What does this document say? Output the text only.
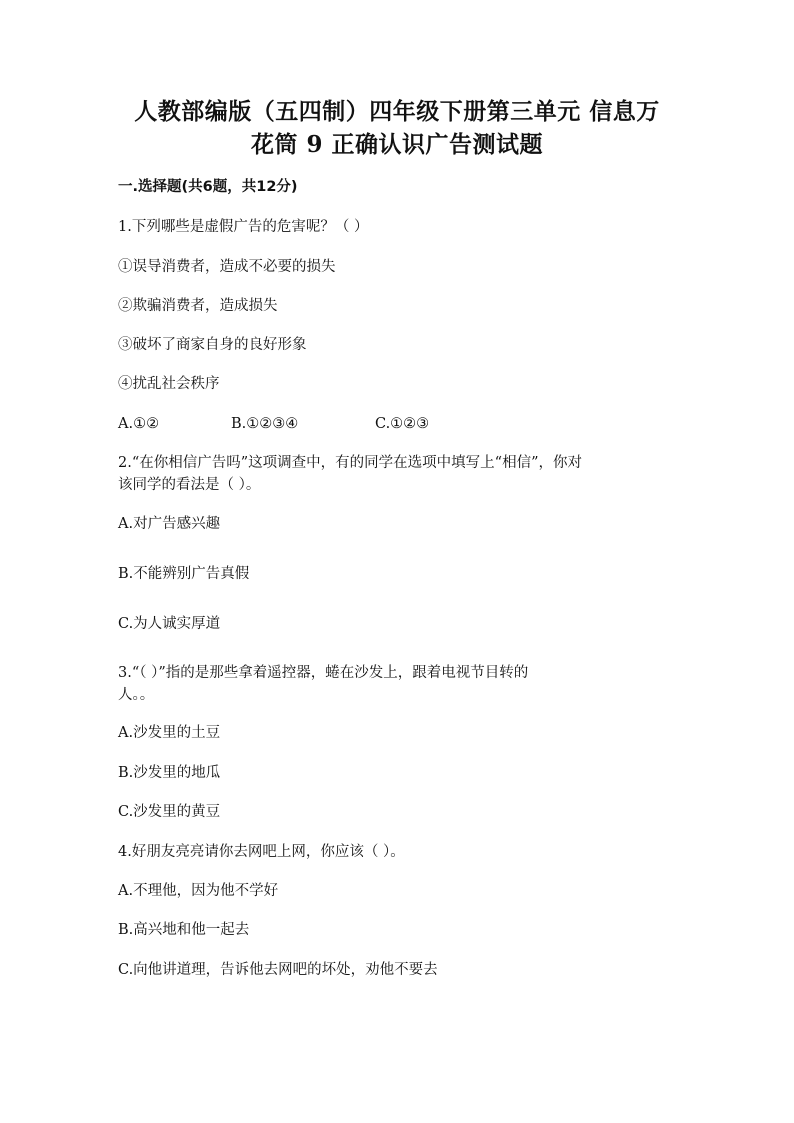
人教部编版（五四制）四年级下册第三单元 信息万
花筒 9 正确认识广告测试题
一.选择题(共6题，共12分)
1.下列哪些是虚假广告的危害呢？（ ）
①误导消费者，造成不必要的损失
②欺骗消费者，造成损失
③破坏了商家自身的良好形象
④扰乱社会秩序
A.①②	B.①②③④	C.①②③
2.“在你相信广告吗”这项调查中，有的同学在选项中填写上“相信”，你对
该同学的看法是（ ）。
A.对广告感兴趣
B.不能辨别广告真假
C.为人诚实厚道
3.“（ ）”指的是那些拿着遥控器，蜷在沙发上，跟着电视节目转的
人。。
A.沙发里的土豆
B.沙发里的地瓜
C.沙发里的黄豆
4.好朋友亮亮请你去网吧上网，你应该（ ）。
A.不理他，因为他不学好
B.高兴地和他一起去
C.向他讲道理，告诉他去网吧的坏处，劝他不要去
